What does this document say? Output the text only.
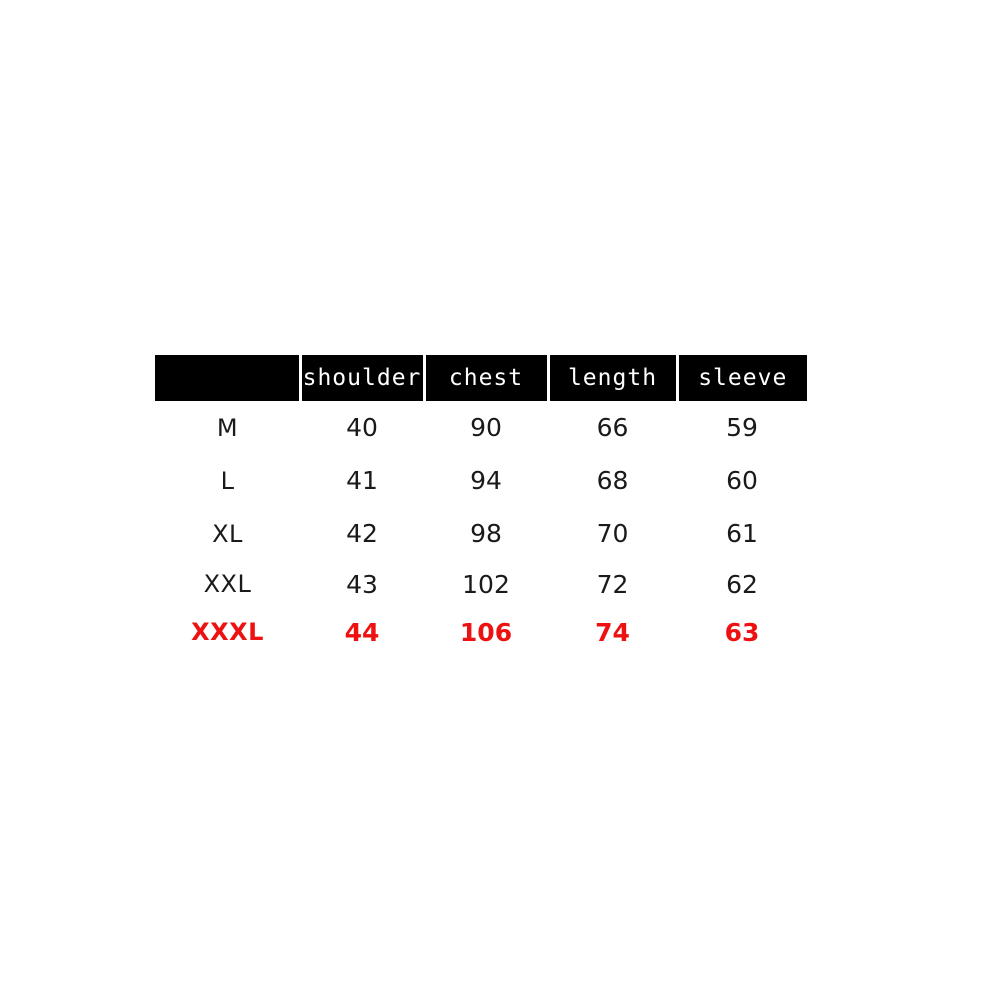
	shoulder	chest	length	sleeve
M	40	90	66	59
L	41	94	68	60
XL	42	98	70	61
XXL	43	102	72	62
XXXL	44	106	74	63
